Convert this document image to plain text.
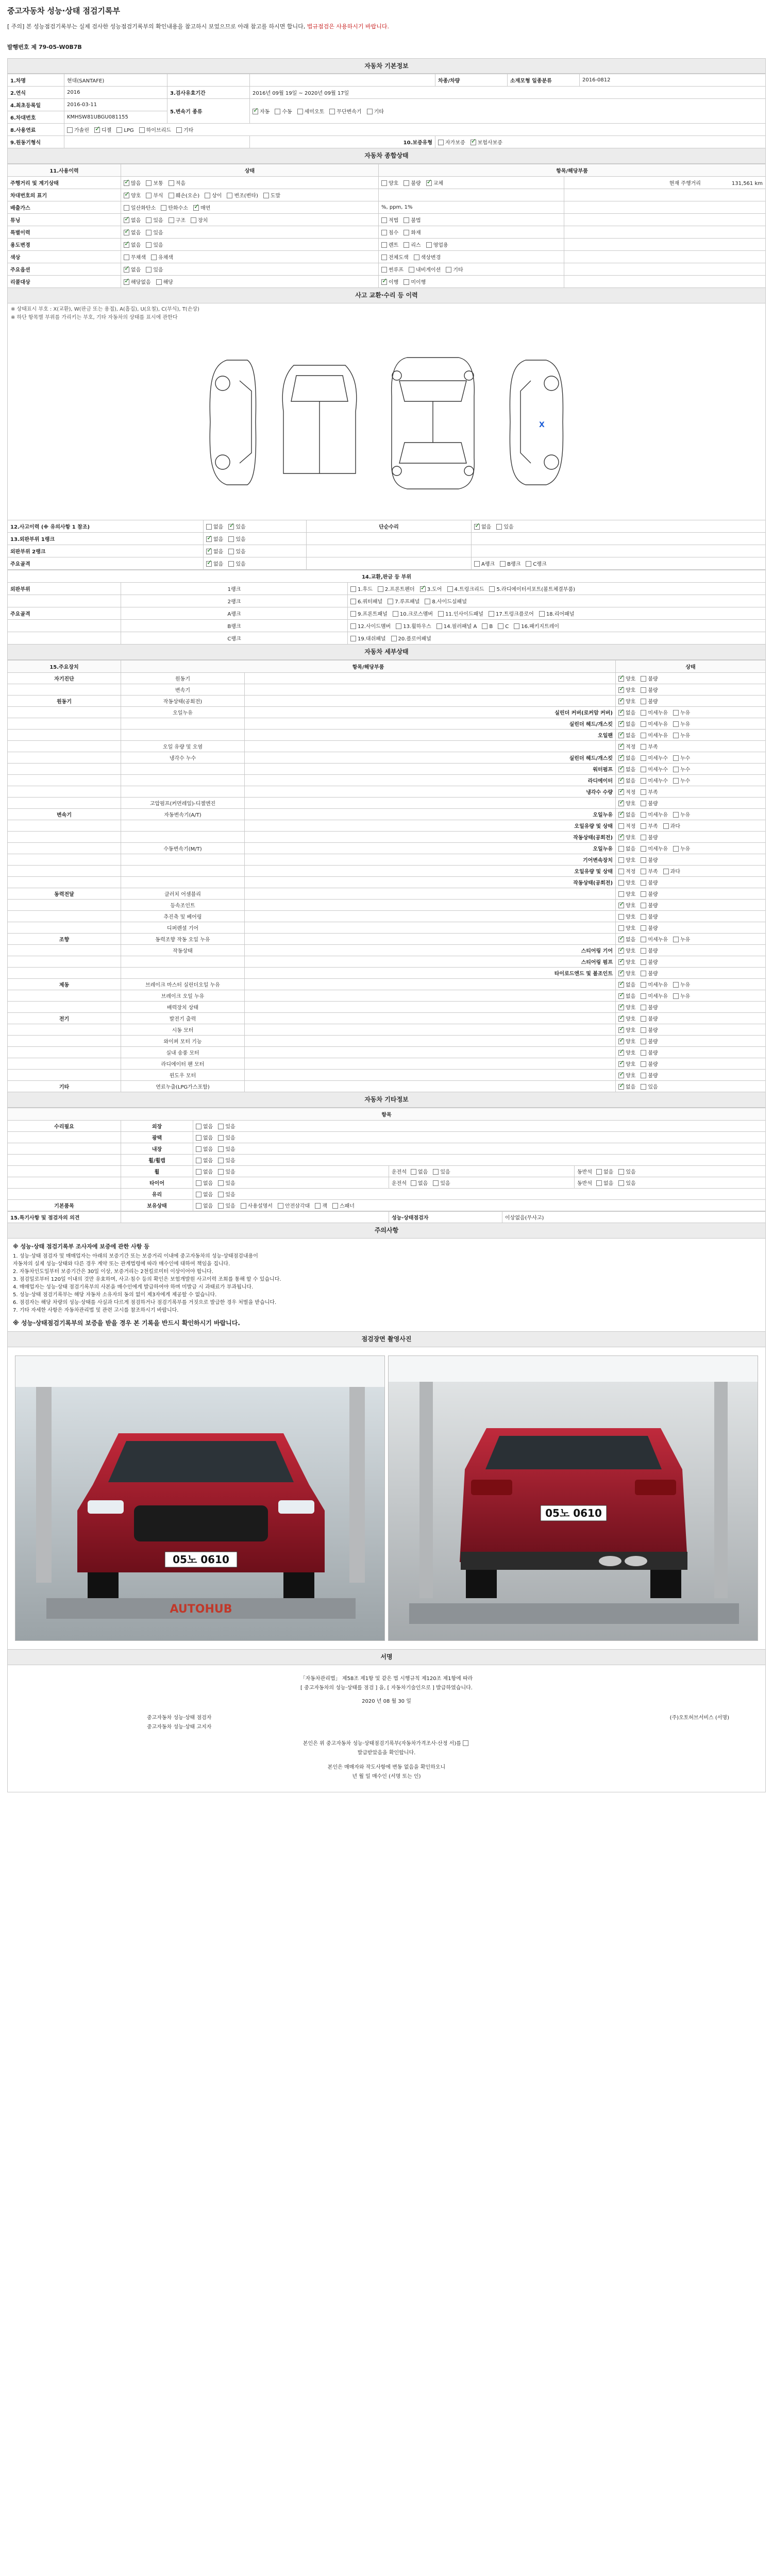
중고자동차 성능·상태 점검기록부
[ 주의] 본 성능점검기록부는 실제 검사한 성능점검기록부의 확인내용을 참고하시 보었으므로 아래 참고를 하시면 합니다, 법규점검은 사용하시기 바랍니다.
발행번호 제 79-05-W0B7B
자동차 기본정보
1.차명	현대(SANTAFE)			차종/차량	소재모형 일종분류	2016-0812
2.연식	2016	3.검사유효기간	2016년 09월 19일 ~ 2020년 09월 17일			
4.최초등록일	2016-03-11	5.변속기 종류	✓자동 수동 세미오토 무단변속기 기타
6.차대번호	KMHSW81UBGU081155					
8.사용연료	가솔린 ✓ 디젤 LPG 하이브리드 기타
9.원동기형식			10.보증유형	자가보증 ✓ 보험사보증
자동차 종합상태
11.사용이력	상태	항목/해당부품	
주행거리 및 계기상태	✓많음 보통 적음	양호 불량 ✓ 교체	현재 주행거리 131,561 km
차대번호의 표기	✓양호 부식 훼손(오손) 상이 변조(변타) 도말		
배출가스	일산화탄소 탄화수소 ✓ 매연	%, ppm, 1%	
튜닝	✓없음 있음 구조 장치	적법 불법	
특별이력	✓없음 있음	침수 화재	
용도변경	✓없음 있음	렌트 리스 영업용	
색상	무채색 유채색	전체도색 색상변경	
주요옵션	✓없음 있음	썬루프 내비게이션 기타	
리콜대상	✓해당없음 해당	✓이행 미이행	
사고 교환·수리 등 이력
※ 상태표시 부호 : X(교환), W(판금 또는 용접), A(흠집), U(요철), C(부식), T(손상)
※ 하단 항목별 부위를 가리키는 부호, 기타 자동차의 상태를 표시에 관한다
X
12.사고이력 (※ 유의사항 1 참조)	없음 ✓ 있음	단순수리	✓없음 있음
13.외판부위 1랭크	✓없음 있음		
외판부위 2랭크	✓없음 있음		
주요골격	✓없음 있음		A랭크 B랭크 C랭크
14.교환,판금 등 부위		
외판부위	1랭크	1.후드 2.프론트펜더 ✓ 3.도어 4.트렁크리드 5.라디에이터서포트(볼트체결부품)
	2랭크	6.쿼터패널 7.루프패널 8.사이드실패널
주요골격	A랭크	9.프론트패널 10.크로스멤버 11.인사이드패널 17.트렁크플로어 18.리어패널
	B랭크	12.사이드멤버 13.휠하우스 14.필러패널 A B C 16.패키지트레이
	C랭크	19.대쉬패널 20.플로어패널
자동차 세부상태
15.주요장치	항목/해당부품		상태
자기진단	원동기		✓양호 불량
	변속기		✓양호 불량
원동기	작동상태(공회전)		✓양호 불량
	오일누유	실린더 커버(로커암 커버)	✓없음 미세누유 누유
		실린더 헤드/개스킷	✓없음 미세누유 누유
		오일팬	✓없음 미세누유 누유
	오일 유량 및 오염		✓적정 부족
	냉각수 누수	실린더 헤드/개스킷	✓없음 미세누수 누수
		워터펌프	✓없음 미세누수 누수
		라디에이터	✓없음 미세누수 누수
		냉각수 수량	✓적정 부족
	고압펌프(커먼레일)-디젤엔진		✓양호 불량
변속기	자동변속기(A/T)	오일누유	✓없음 미세누유 누유
		오일유량 및 상태	적정 부족 과다
		작동상태(공회전)	✓양호 불량
	수동변속기(M/T)	오일누유	없음 미세누유 누유
		기어변속장치	양호 불량
		오일유량 및 상태	적정 부족 과다
		작동상태(공회전)	양호 불량
동력전달	클러치 어셈블리		양호 불량
	등속조인트		✓양호 불량
	추진축 및 베어링		양호 불량
	디퍼렌셜 기어		양호 불량
조향	동력조향 작동 오일 누유		✓없음 미세누유 누유
	작동상태	스티어링 기어	✓양호 불량
		스티어링 펌프	✓양호 불량
		타이로드엔드 및 볼조인트	✓양호 불량
제동	브레이크 마스터 실린더오일 누유		✓없음 미세누유 누유
	브레이크 오일 누유		✓없음 미세누유 누유
	배력장치 상태		✓양호 불량
전기	발전기 출력		✓양호 불량
	시동 모터		✓양호 불량
	와이퍼 모터 기능		✓양호 불량
	실내 송풍 모터		✓양호 불량
	라디에이터 팬 모터		✓양호 불량
	윈도우 모터		✓양호 불량
기타	연료누출(LPG가스포함)		✓없음 있음
자동차 기타정보
항목				
수리필요	외장	없음 있음		
	광택	없음 있음		
	내장	없음 있음		
	휠/휠캡	없음 있음		
	휠	없음 있음	운전석 없음 있음	동반석 없음 있음
	타이어	없음 있음	운전석 없음 있음	동반석 없음 있음
	유리	없음 있음		
기본품목	보유상태	없음 있음 사용설명서 안전삼각대 잭 스패너		
15.특기사항 및 점검자의 의견		성능·상태점검자	이상없음(무사고)
주의사항
※ 성능·상태 점검기록부 조사자에 보증에 관한 사항 등
1. 성능·상태 점검자 및 매매업자는 아래의 보증기간 또는 보증거리 이내에 중고자동차의 성능·상태점검내용이
자동차의 실제 성능·상태와 다른 경우 계약 또는 관계법령에 따라 매수인에 대하여 책임을 집니다.
2. 자동차인도일부터 보증기간은 30일 이상, 보증거리는 2천킬로미터 이상이어야 합니다.
3. 점검일로부터 120일 이내의 것만 유효하며, 사고·침수 등의 확인은 보험개발원 사고이력 조회를 통해 할 수 있습니다.
4. 매매업자는 성능·상태 점검기록부의 사본을 매수인에게 발급하여야 하며 미발급 시 과태료가 부과됩니다.
5. 성능·상태 점검기록부는 해당 자동차 소유자의 동의 없이 제3자에게 제공할 수 없습니다.
6. 점검자는 해당 차량의 성능·상태를 사실과 다르게 점검하거나 점검기록부를 거짓으로 발급한 경우 처벌을 받습니다.
7. 기타 자세한 사항은 자동차관리법 및 관련 고시를 참조하시기 바랍니다.
※ 성능·상태점검기록부의 보증을 받을 경우 본 기록을 반드시 확인하시기 바랍니다.
점검장면 촬영사진
05노 0610
AUTOHUB
05노 0610
서명
「자동차관리법」 제58조 제1항 및 같은 법 시행규칙 제120조 제1항에 따라
[ 중고자동차의 성능·상태를 점검 ] 을, [ 자동차기술인으로 ] 발급하였습니다.
2020 년 08 월 30 일
중고자동차 성능·상태 점검자
중고자동차 성능·상태 고지자
(주)오토허브서비스 (서명)
본인은 위 중고자동차 성능·상태점검기록부(자동차가격조사·산정 서)를
발급받았음을 확인합니다.
본인은 매매자와 작도사항에 변동 없음을 확인하오니
년 월 일 매수인 (서명 또는 인)
